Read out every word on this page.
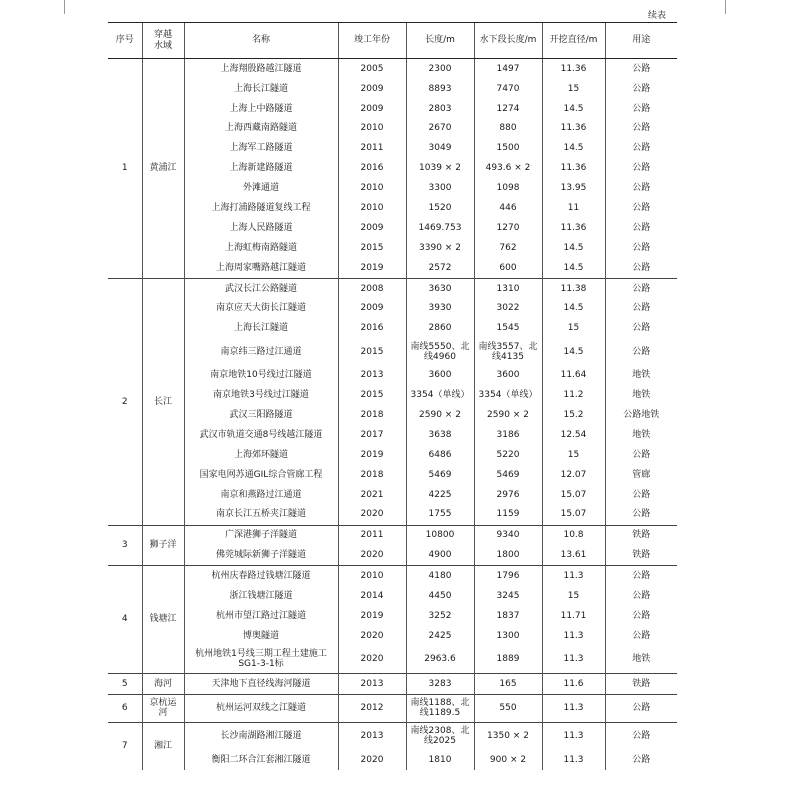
续表
序号	穿越水域	名称	竣工年份	长度/m	水下段长度/m	开挖直径/m	用途
1	黄浦江	上海翔殷路越江隧道	2005	2300	1497	11.36	公路
		上海长江隧道	2009	8893	7470	15	公路
		上海上中路隧道	2009	2803	1274	14.5	公路
		上海西藏南路隧道	2010	2670	880	11.36	公路
		上海军工路隧道	2011	3049	1500	14.5	公路
		上海新建路隧道	2016	1039 × 2	493.6 × 2	11.36	公路
		外滩通道	2010	3300	1098	13.95	公路
		上海打浦路隧道复线工程	2010	1520	446	11	公路
		上海人民路隧道	2009	1469.753	1270	11.36	公路
		上海虹梅南路隧道	2015	3390 × 2	762	14.5	公路
		上海周家嘴路越江隧道	2019	2572	600	14.5	公路
2	长江	武汉长江公路隧道	2008	3630	1310	11.38	公路
		南京应天大街长江隧道	2009	3930	3022	14.5	公路
		上海长江隧道	2016	2860	1545	15	公路
		南京纬三路过江通道	2015	南线5550、北线4960	南线3557、北线4135	14.5	公路
		南京地铁10号线过江隧道	2013	3600	3600	11.64	地铁
		南京地铁3号线过江隧道	2015	3354（单线）	3354（单线）	11.2	地铁
		武汉三阳路隧道	2018	2590 × 2	2590 × 2	15.2	公路地铁
		武汉市轨道交通8号线越江隧道	2017	3638	3186	12.54	地铁
		上海郊环隧道	2019	6486	5220	15	公路
		国家电网苏通GIL综合管廊工程	2018	5469	5469	12.07	管廊
		南京和燕路过江通道	2021	4225	2976	15.07	公路
		南京长江五桥夹江隧道	2020	1755	1159	15.07	公路
3	狮子洋	广深港狮子洋隧道	2011	10800	9340	10.8	铁路
		佛莞城际新狮子洋隧道	2020	4900	1800	13.61	铁路
4	钱塘江	杭州庆春路过钱塘江隧道	2010	4180	1796	11.3	公路
		浙江钱塘江隧道	2014	4450	3245	15	公路
		杭州市望江路过江隧道	2019	3252	1837	11.71	公路
		博奥隧道	2020	2425	1300	11.3	公路
		杭州地铁1号线三期工程土建施工SG1-3-1标	2020	2963.6	1889	11.3	地铁
5	海河	天津地下直径线海河隧道	2013	3283	165	11.6	铁路
6	京杭运河	杭州运河双线之江隧道	2012	南线1188、北线1189.5	550	11.3	公路
7	湘江	长沙南湖路湘江隧道	2013	南线2308、北线2025	1350 × 2	11.3	公路
		衡阳二环合江套湘江隧道	2020	1810	900 × 2	11.3	公路
